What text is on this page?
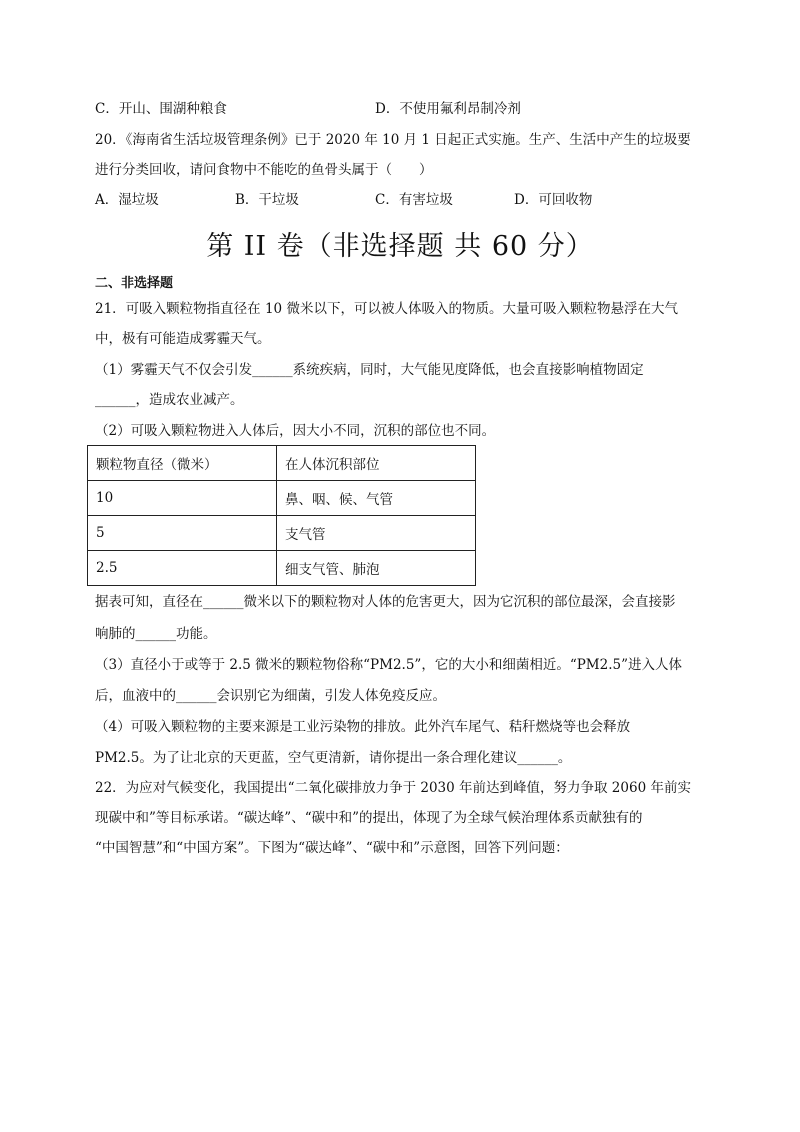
C．开山、围湖种粮食	D．不使用氟利昂制冷剂
20．《海南省生活垃圾管理条例》已于 2020 年 10 月 1 日起正式实施。生产、生活中产生的垃圾要
进行分类回收，请问食物中不能吃的鱼骨头属于（　　）
A．湿垃圾	B．干垃圾	C．有害垃圾	D．可回收物
第 II 卷（非选择题 共 60 分）
二、非选择题
21．可吸入颗粒物指直径在 10 微米以下，可以被人体吸入的物质。大量可吸入颗粒物悬浮在大气
中，极有可能造成雾霾天气。
（1）雾霾天气不仅会引发______系统疾病，同时，大气能见度降低，也会直接影响植物固定
______，造成农业减产。
（2）可吸入颗粒物进入人体后，因大小不同，沉积的部位也不同。
颗粒物直径（微米）	在人体沉积部位
10	鼻、咽、候、气管
5	支气管
2.5	细支气管、肺泡
据表可知，直径在______微米以下的颗粒物对人体的危害更大，因为它沉积的部位最深，会直接影
响肺的______功能。
（3）直径小于或等于 2.5 微米的颗粒物俗称“PM2.5”，它的大小和细菌相近。“PM2.5”进入人体
后，血液中的______会识别它为细菌，引发人体免疫反应。
（4）可吸入颗粒物的主要来源是工业污染物的排放。此外汽车尾气、秸秆燃烧等也会释放
PM2.5。为了让北京的天更蓝，空气更清新，请你提出一条合理化建议______。
22．为应对气候变化，我国提出“二氧化碳排放力争于 2030 年前达到峰值，努力争取 2060 年前实
现碳中和”等目标承诺。“碳达峰”、“碳中和”的提出，体现了为全球气候治理体系贡献独有的
“中国智慧”和“中国方案”。下图为“碳达峰”、“碳中和”示意图，回答下列问题：
